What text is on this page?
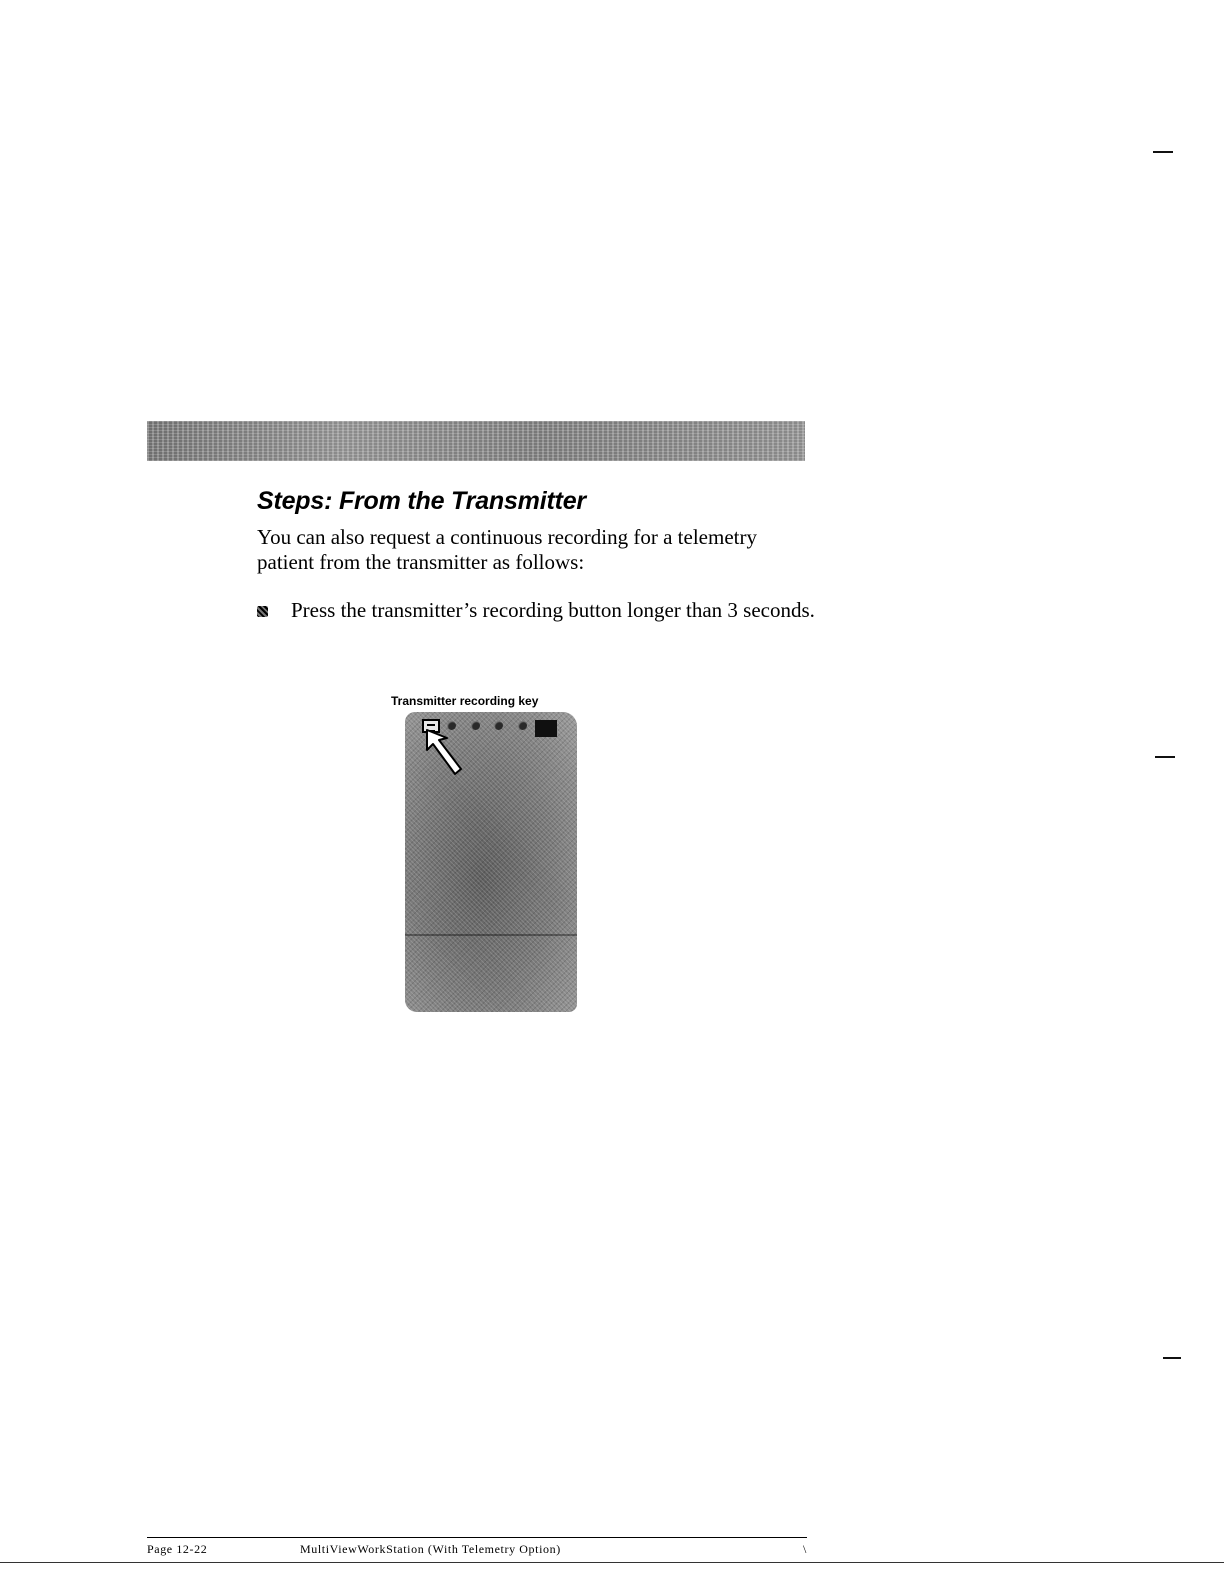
Steps: From the Transmitter

You can also request a continuous recording for a telemetry patient from the transmitter as follows:

Press the transmitter’s recording button longer than 3 seconds.

Transmitter recording key
Page 12-22	MultiViewWorkStation (With Telemetry Option)	\
